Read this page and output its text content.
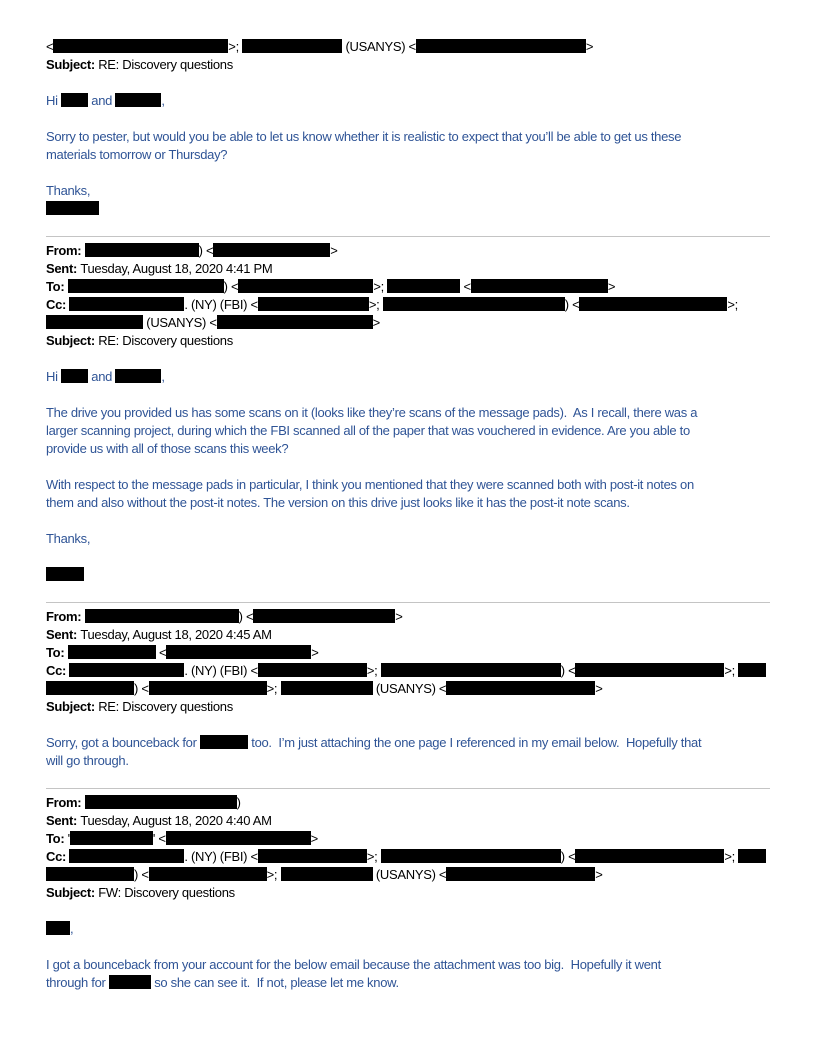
<	>;	(USANYS) <	>
Subject: RE: Discovery questions
Hi  and	,
Sorry to pester, but would you be able to let us know whether it is realistic to expect that you’ll be able to get us these
materials tomorrow or Thursday?
Thanks,
From:	) <	>
Sent: Tuesday, August 18, 2020 4:41 PM
To:	) <	>;	<	>
Cc:	. (NY) (FBI) <	>;	) <	>;
(USANYS) <	>
Subject: RE: Discovery questions
Hi  and	,
The drive you provided us has some scans on it (looks like they’re scans of the message pads).  As I recall, there was a
larger scanning project, during which the FBI scanned all of the paper that was vouchered in evidence. Are you able to
provide us with all of those scans this week?
With respect to the message pads in particular, I think you mentioned that they were scanned both with post-it notes on
them and also without the post-it notes. The version on this drive just looks like it has the post-it note scans.
Thanks,
From:	) <	>
Sent: Tuesday, August 18, 2020 4:45 AM
To:	<	>
Cc:	. (NY) (FBI) <	>;	) <	>;
) <	>;	(USANYS) <	>
Subject: RE: Discovery questions
Sorry, got a bounceback for	too.  I’m just attaching the one page I referenced in my email below.  Hopefully that
will go through.
From:	)
Sent: Tuesday, August 18, 2020 4:40 AM
To: '	' <	>
Cc:	. (NY) (FBI) <	>;	) <	>;
) <	>;	(USANYS) <	>
Subject: FW: Discovery questions
,
I got a bounceback from your account for the below email because the attachment was too big.  Hopefully it went
through for	so she can see it.  If not, please let me know.
